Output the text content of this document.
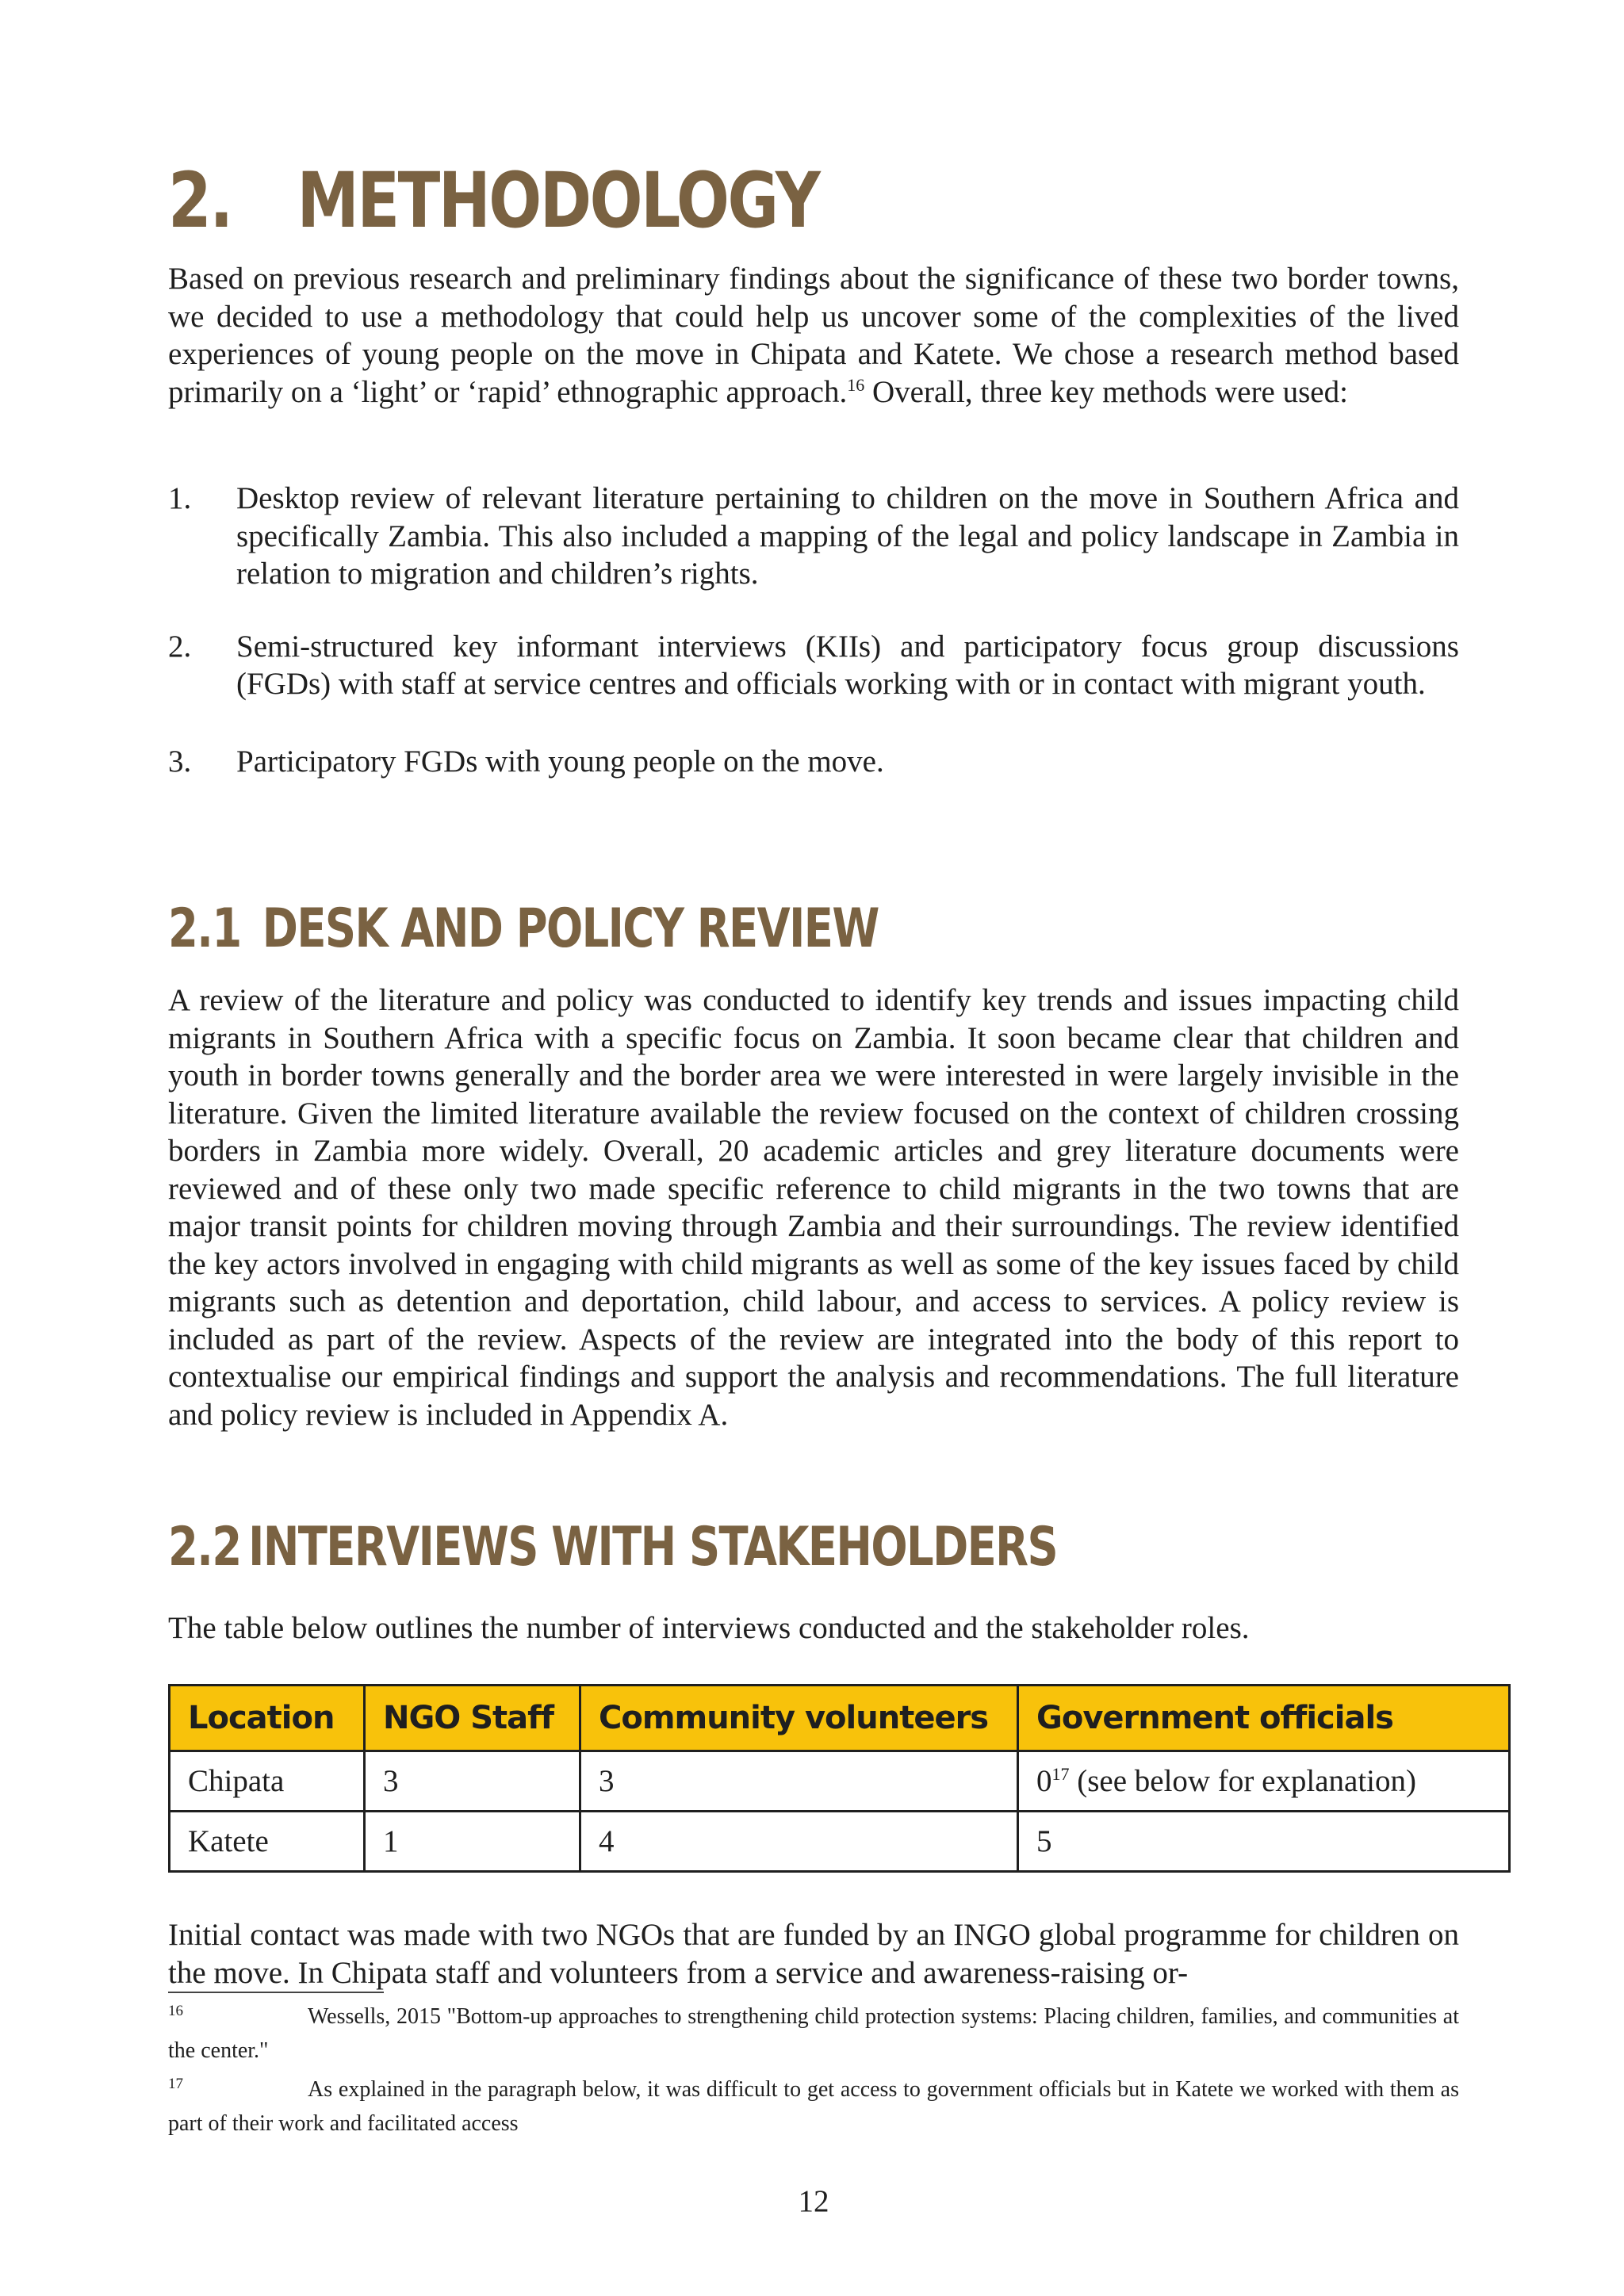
2. METHODOLOGY

Based on previous research and preliminary findings about the significance of these two border towns, we decided to use a methodology that could help us uncover some of the complexities of the lived experiences of young people on the move in Chipata and Katete. We chose a research method based primarily on a ‘light’ or ‘rapid’ ethnographic approach.$^{16}$ Overall, three key methods were used:

1. Desktop review of relevant literature pertaining to children on the move in Southern Africa and specifically Zambia. This also included a mapping of the legal and policy landscape in Zambia in relation to migration and children’s rights.
2. Semi-structured key informant interviews (KIIs) and participatory focus group discussions (FGDs) with staff at service centres and officials working with or in contact with migrant youth.
3. Participatory FGDs with young people on the move.
2.1 DESK AND POLICY REVIEW

A review of the literature and policy was conducted to identify key trends and issues impacting child migrants in Southern Africa with a specific focus on Zambia. It soon became clear that children and youth in border towns generally and the border area we were interested in were largely invisible in the literature. Given the limited literature available the review focused on the context of children crossing borders in Zambia more widely. Overall, 20 academic articles and grey literature documents were reviewed and of these only two made specific reference to child migrants in the two towns that are major transit points for children moving through Zambia and their surroundings. The review identified the key actors involved in engaging with child migrants as well as some of the key issues faced by child migrants such as detention and deportation, child labour, and access to services. A policy review is included as part of the review. Aspects of the review are integrated into the body of this report to contextualise our empirical findings and support the analysis and recommendations. The full literature and policy review is included in Appendix A.

2.2 INTERVIEWS WITH STAKEHOLDERS

The table below outlines the number of interviews conducted and the stakeholder roles.

Location	NGO Staff	Community volunteers	Government officials
Chipata	3	3	$0^{17}$ (see below for explanation)
Katete	1	4	5

Initial contact was made with two NGOs that are funded by an INGO global programme for children on the move. In Chipata staff and volunteers from a service and awareness-raising or-

16	Wessells, 2015 "Bottom-up approaches to strengthening child protection systems: Placing children, families, and communities at the center."
17	As explained in the paragraph below, it was difficult to get access to government officials but in Katete we worked with them as part of their work and facilitated access
12
